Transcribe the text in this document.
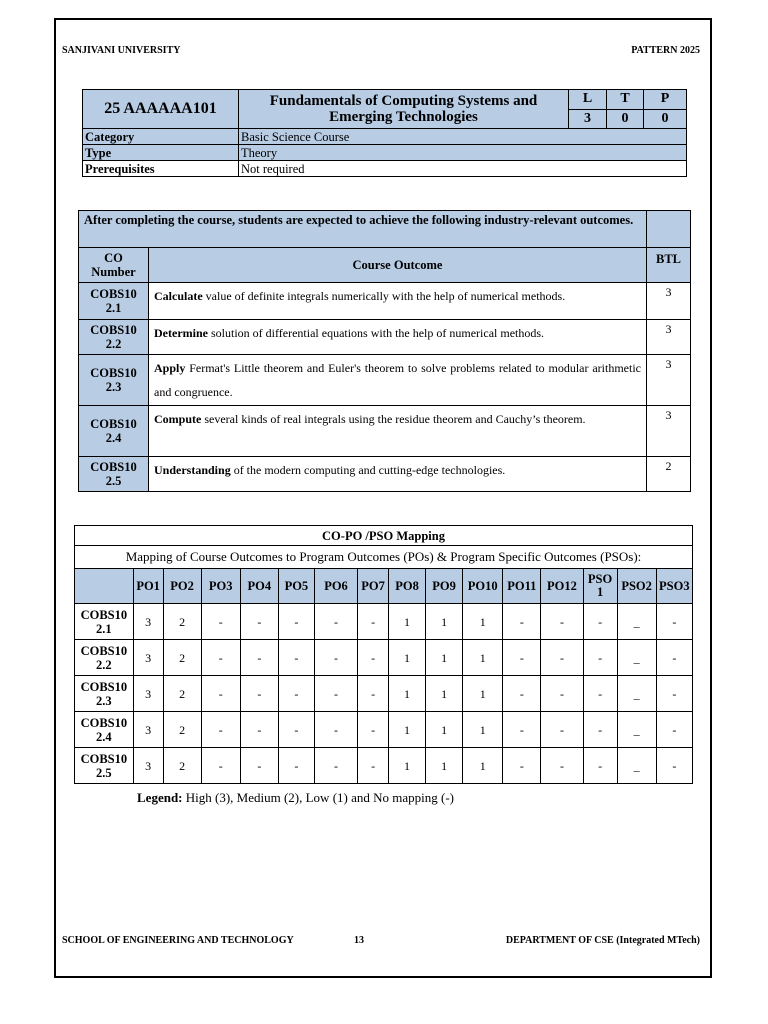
SANJIVANI UNIVERSITY	PATTERN 2025
25 AAAAAA101	Fundamentals of Computing Systems and Emerging Technologies	L	T	P
		3	0	0
Category	Basic Science Course			
Type	Theory			
Prerequisites	Not required			
After completing the course, students are expected to achieve the following industry-relevant outcomes.		
CO Number	Course Outcome	BTL
COBS10 2.1	Calculate value of definite integrals numerically with the help of numerical methods.	3
COBS10 2.2	Determine solution of differential equations with the help of numerical methods.	3
COBS10 2.3	Apply Fermat's Little theorem and Euler's theorem to solve problems related to modular arithmetic and congruence.	3
COBS10 2.4	Compute several kinds of real integrals using the residue theorem and Cauchy’s theorem.	3
COBS10 2.5	Understanding of the modern computing and cutting-edge technologies.	2
CO-PO /PSO Mapping															
Mapping of Course Outcomes to Program Outcomes (POs) & Program Specific Outcomes (PSOs):															
	PO1	PO2	PO3	PO4	PO5	PO6	PO7	PO8	PO9	PO10	PO11	PO12	PSO 1	PSO2	PSO3
COBS10 2.1	3	2	-	-	-	-	-	1	1	1	-	-	-	_	-
COBS10 2.2	3	2	-	-	-	-	-	1	1	1	-	-	-	_	-
COBS10 2.3	3	2	-	-	-	-	-	1	1	1	-	-	-	_	-
COBS10 2.4	3	2	-	-	-	-	-	1	1	1	-	-	-	_	-
COBS10 2.5	3	2	-	-	-	-	-	1	1	1	-	-	-	_	-
Legend: High (3), Medium (2), Low (1) and No mapping (-)
SCHOOL OF ENGINEERING AND TECHNOLOGY	13	DEPARTMENT OF CSE (Integrated MTech)
